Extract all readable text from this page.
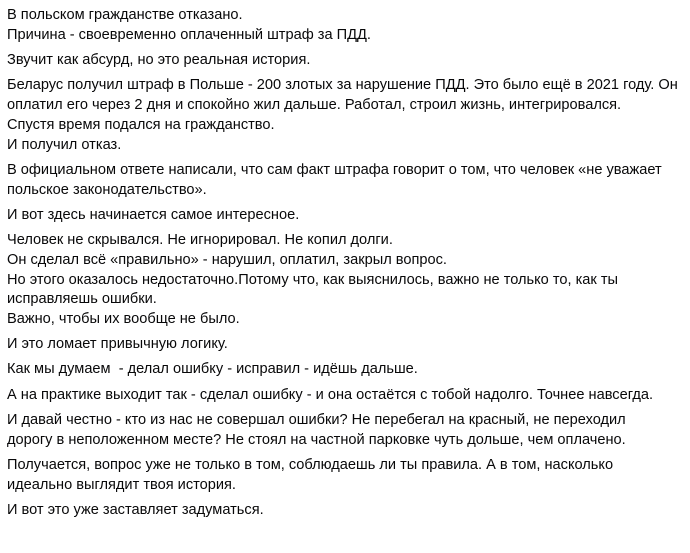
В польском гражданстве отказано.
Причина - своевременно оплаченный штраф за ПДД.
Звучит как абсурд, но это реальная история.
Беларус получил штраф в Польше - 200 злотых за нарушение ПДД. Это было ещё в 2021 году. Он
оплатил его через 2 дня и спокойно жил дальше. Работал, строил жизнь, интегрировался.
Спустя время подался на гражданство.
И получил отказ.
В официальном ответе написали, что сам факт штрафа говорит о том, что человек «не уважает
польское законодательство».
И вот здесь начинается самое интересное.
Человек не скрывался. Не игнорировал. Не копил долги.
Он сделал всё «правильно» - нарушил, оплатил, закрыл вопрос.
Но этого оказалось недостаточно.Потому что, как выяснилось, важно не только то, как ты
исправляешь ошибки.
Важно, чтобы их вообще не было.
И это ломает привычную логику.
Как мы думаем  - делал ошибку - исправил - идёшь дальше.
А на практике выходит так - сделал ошибку - и она остаётся с тобой надолго. Точнее навсегда.
И давай честно - кто из нас не совершал ошибки? Не перебегал на красный, не переходил
дорогу в неположенном месте? Не стоял на частной парковке чуть дольше, чем оплачено.
Получается, вопрос уже не только в том, соблюдаешь ли ты правила. А в том, насколько
идеально выглядит твоя история.
И вот это уже заставляет задуматься.
